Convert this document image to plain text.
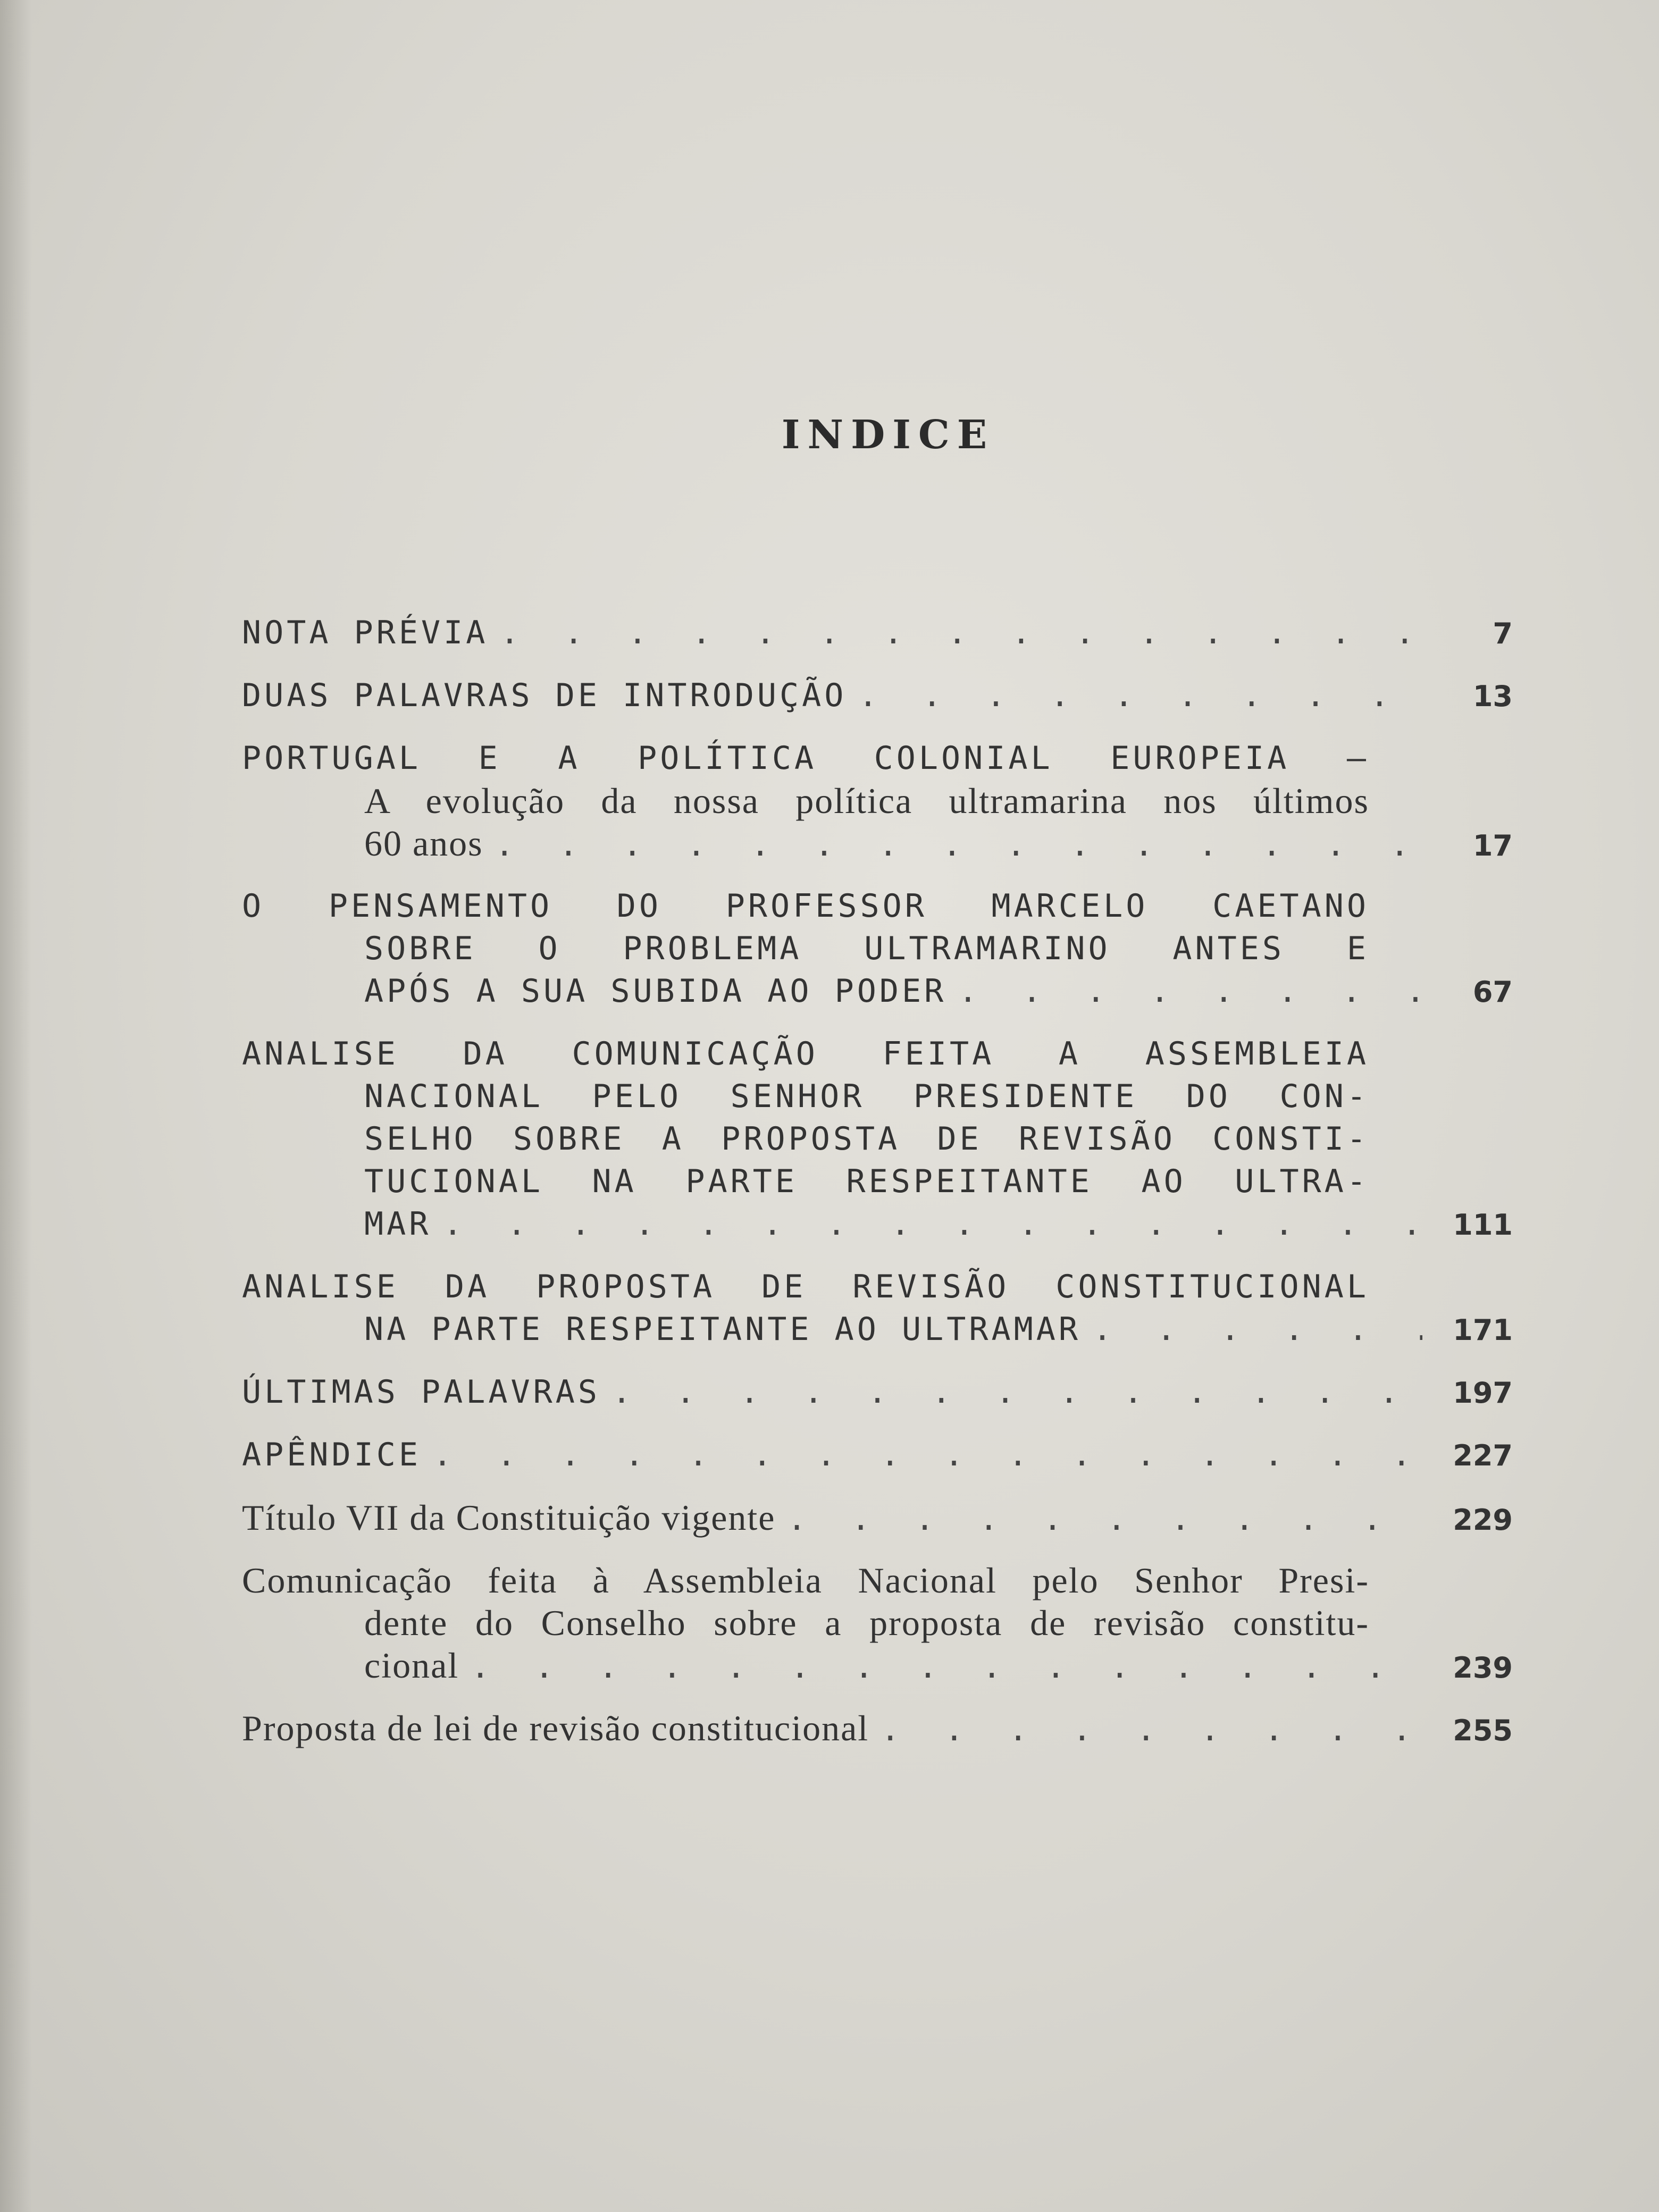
INDICE
NOTA PRÉVIA . . .	7
DUAS PALAVRAS DE INTRODUÇÃO . . .	13
PORTUGAL E A POLÍTICA COLONIAL EUROPEIA —
A evolução da nossa política ultramarina nos últimos
60 anos . . .	17
O PENSAMENTO DO PROFESSOR MARCELO CAETANO
SOBRE O PROBLEMA ULTRAMARINO ANTES E
APÓS A SUA SUBIDA AO PODER . . .	67
ANALISE DA COMUNICAÇÃO FEITA A ASSEMBLEIA
NACIONAL PELO SENHOR PRESIDENTE DO CON-
SELHO SOBRE A PROPOSTA DE REVISÃO CONSTI-
TUCIONAL NA PARTE RESPEITANTE AO ULTRA-
MAR . . .	111
ANALISE DA PROPOSTA DE REVISÃO CONSTITUCIONAL
NA PARTE RESPEITANTE AO ULTRAMAR . . .	171
ÚLTIMAS PALAVRAS . . .	197
APÊNDICE . . .	227
Título VII da Constituição vigente . . .	229
Comunicação feita à Assembleia Nacional pelo Senhor Presi-
dente do Conselho sobre a proposta de revisão constitu-
cional . . .	239
Proposta de lei de revisão constitucional . . .	255
